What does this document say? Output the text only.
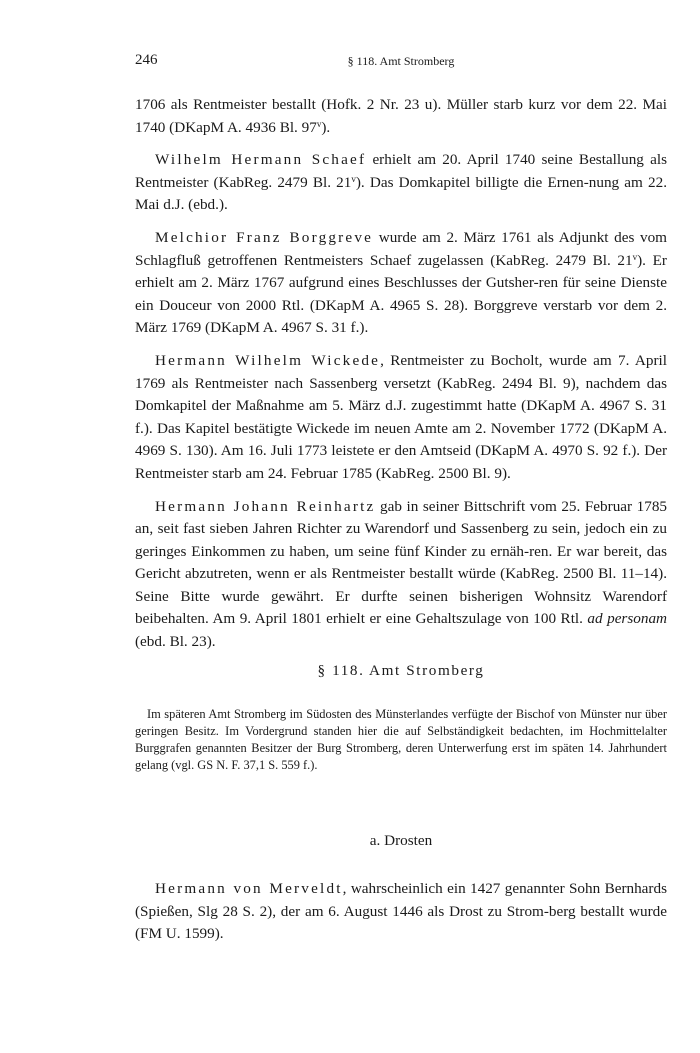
246	§ 118. Amt Stromberg

1706 als Rentmeister bestallt (Hofk. 2 Nr. 23 u). Müller starb kurz vor dem 22. Mai 1740 (DKapM A. 4936 Bl. 97$^v$).

Wilhelm Hermann Schaef erhielt am 20. April 1740 seine Bestallung als Rentmeister (KabReg. 2479 Bl. 21$^v$). Das Domkapitel billigte die Ernen-nung am 22. Mai d.J. (ebd.).

Melchior Franz Borggreve wurde am 2. März 1761 als Adjunkt des vom Schlagfluß getroffenen Rentmeisters Schaef zugelassen (KabReg. 2479 Bl. 21$^v$). Er erhielt am 2. März 1767 aufgrund eines Beschlusses der Gutsher-ren für seine Dienste ein Douceur von 2000 Rtl. (DKapM A. 4965 S. 28). Borggreve verstarb vor dem 2. März 1769 (DKapM A. 4967 S. 31 f.).

Hermann Wilhelm Wickede, Rentmeister zu Bocholt, wurde am 7. April 1769 als Rentmeister nach Sassenberg versetzt (KabReg. 2494 Bl. 9), nachdem das Domkapitel der Maßnahme am 5. März d.J. zugestimmt hatte (DKapM A. 4967 S. 31 f.). Das Kapitel bestätigte Wickede im neuen Amte am 2. November 1772 (DKapM A. 4969 S. 130). Am 16. Juli 1773 leistete er den Amtseid (DKapM A. 4970 S. 92 f.). Der Rentmeister starb am 24. Februar 1785 (KabReg. 2500 Bl. 9).

Hermann Johann Reinhartz gab in seiner Bittschrift vom 25. Februar 1785 an, seit fast sieben Jahren Richter zu Warendorf und Sassenberg zu sein, jedoch ein zu geringes Einkommen zu haben, um seine fünf Kinder zu ernäh-ren. Er war bereit, das Gericht abzutreten, wenn er als Rentmeister bestallt würde (KabReg. 2500 Bl. 11–14). Seine Bitte wurde gewährt. Er durfte seinen bisherigen Wohnsitz Warendorf beibehalten. Am 9. April 1801 erhielt er eine Gehaltszulage von 100 Rtl. ad personam (ebd. Bl. 23).

§ 118. Amt Stromberg

Im späteren Amt Stromberg im Südosten des Münsterlandes verfügte der Bischof von Münster nur über geringen Besitz. Im Vordergrund standen hier die auf Selbständigkeit bedachten, im Hochmittelalter Burggrafen genannten Besitzer der Burg Stromberg, deren Unterwerfung erst im späten 14. Jahrhundert gelang (vgl. GS N. F. 37,1 S. 559 f.).

a. Drosten

Hermann von Merveldt, wahrscheinlich ein 1427 genannter Sohn Bernhards (Spießen, Slg 28 S. 2), der am 6. August 1446 als Drost zu Strom-berg bestallt wurde (FM U. 1599).
